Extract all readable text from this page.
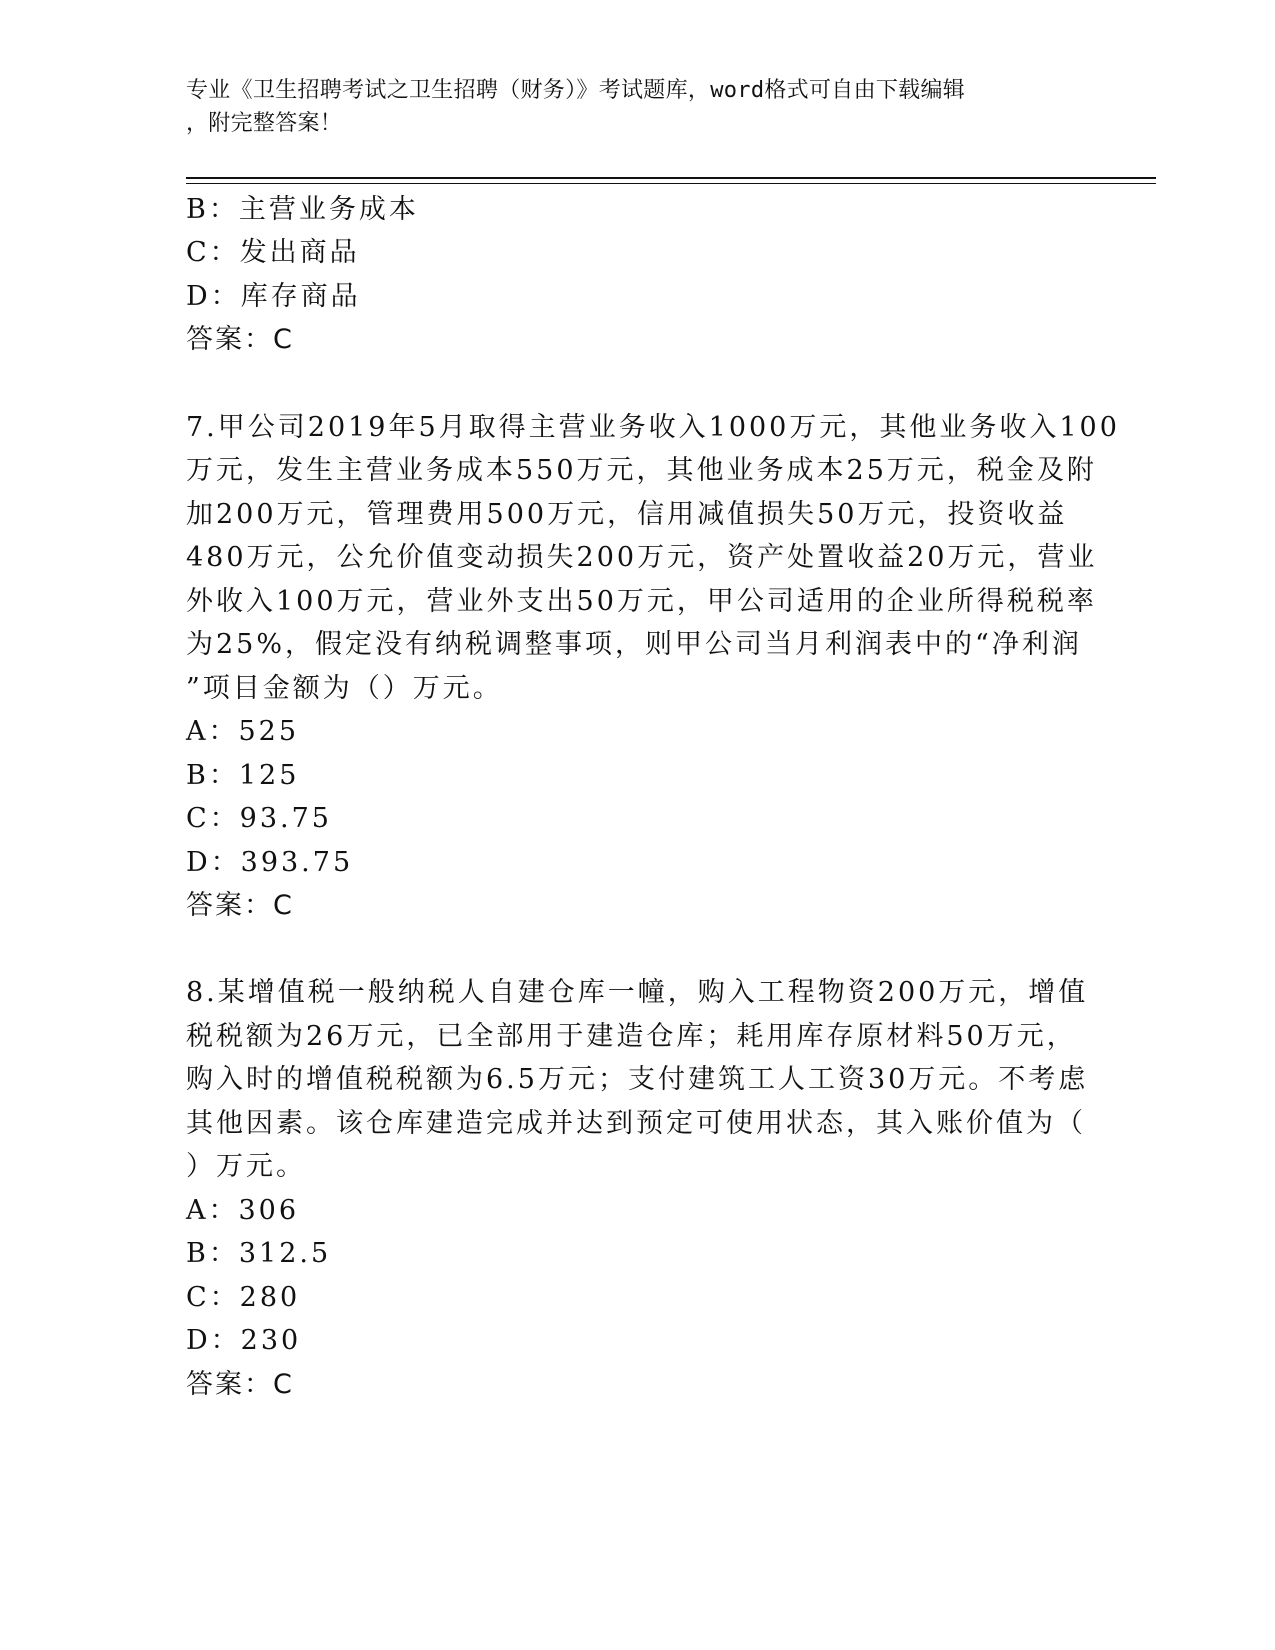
专业《卫生招聘考试之卫生招聘（财务）》考试题库，word格式可自由下载编辑
，附完整答案！
B：主营业务成本
C：发出商品
D：库存商品
答案：C
7.甲公司2019年5月取得主营业务收入1000万元，其他业务收入100
万元，发生主营业务成本550万元，其他业务成本25万元，税金及附
加200万元，管理费用500万元，信用减值损失50万元，投资收益
480万元，公允价值变动损失200万元，资产处置收益20万元，营业
外收入100万元，营业外支出50万元，甲公司适用的企业所得税税率
为25%，假定没有纳税调整事项，则甲公司当月利润表中的“净利润
”项目金额为（）万元。
A：525
B：125
C：93.75
D：393.75
答案：C
8.某增值税一般纳税人自建仓库一幢，购入工程物资200万元，增值
税税额为26万元，已全部用于建造仓库；耗用库存原材料50万元，
购入时的增值税税额为6.5万元；支付建筑工人工资30万元。不考虑
其他因素。该仓库建造完成并达到预定可使用状态，其入账价值为（
）万元。
A：306
B：312.5
C：280
D：230
答案：C
